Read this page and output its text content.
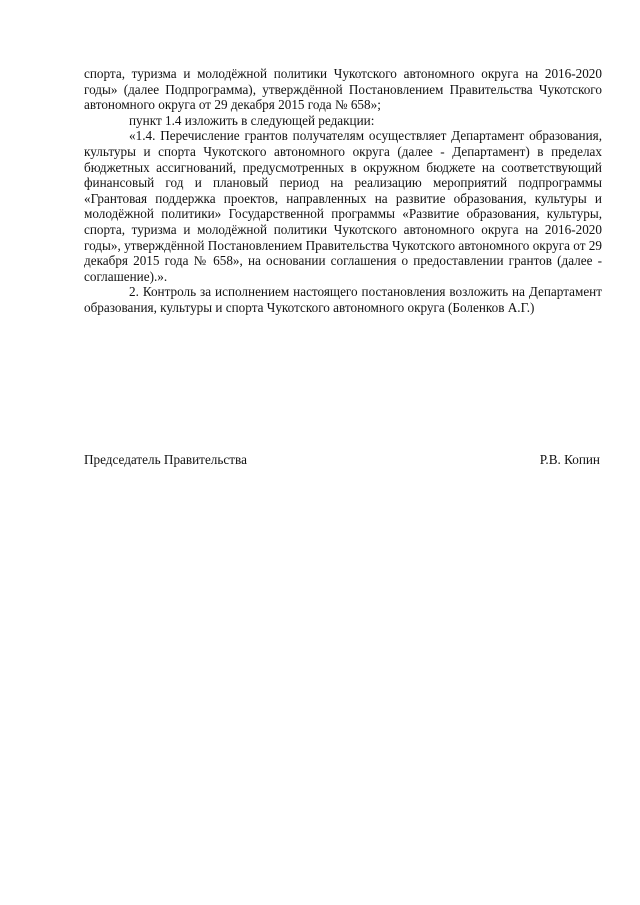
спорта, туризма и молодёжной политики Чукотского автономного округа на 2016-2020 годы» (далее Подпрограмма), утверждённой Постановлением Правительства Чукотского автономного округа от 29 декабря 2015 года № 658»;

пункт 1.4 изложить в следующей редакции:

«1.4. Перечисление грантов получателям осуществляет Департамент образования, культуры и спорта Чукотского автономного округа (далее - Департамент) в пределах бюджетных ассигнований, предусмотренных в окружном бюджете на соответствующий финансовый год и плановый период на реализацию мероприятий подпрограммы «Грантовая поддержка проектов, направленных на развитие образования, культуры и молодёжной политики» Государственной программы «Развитие образования, культуры, спорта, туризма и молодёжной политики Чукотского автономного округа на 2016-2020 годы», утверждённой Постановлением Правительства Чукотского автономного округа от 29 декабря 2015 года № 658», на основании соглашения о предоставлении грантов (далее - соглашение).».

2. Контроль за исполнением настоящего постановления возложить на Департамент образования, культуры и спорта Чукотского автономного округа (Боленков А.Г.)

Председатель Правительства	Р.В. Копин
